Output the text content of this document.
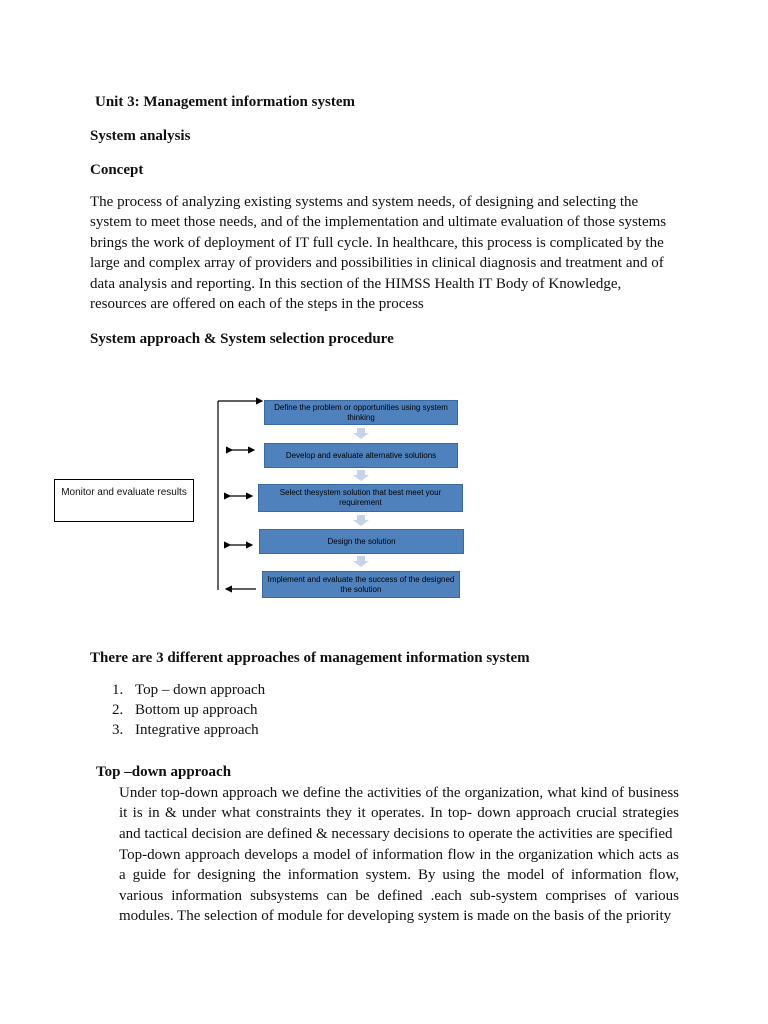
Unit 3: Management information system
System analysis
Concept
The process of analyzing existing systems and system needs, of designing and selecting the system to meet those needs, and of the implementation and ultimate evaluation of those systems brings the work of deployment of IT full cycle. In healthcare, this process is complicated by the large and complex array of providers and possibilities in clinical diagnosis and treatment and of data analysis and reporting. In this section of the HIMSS Health IT Body of Knowledge, resources are offered on each of the steps in the process
System approach & System selection procedure
Monitor and evaluate results
Define the problem or opportunities using system thinking
Develop and evaluate alternative solutions
Select thesystem solution that best meet your requirement
Design the solution
Implement and evaluate the success of the designed the solution
There are 3 different approaches of management information system
1. Top – down approach
2. Bottom up approach
3. Integrative approach
Top –down approach
Under top-down approach we define the activities of the organization, what kind of business it is in & under what constraints they it operates. In top- down approach crucial strategies and tactical decision are defined & necessary decisions to operate the activities are specified
Top-down approach develops a model of information flow in the organization which acts as a guide for designing the information system. By using the model of information flow, various information subsystems can be defined .each sub-system comprises of various modules. The selection of module for developing system is made on the basis of the priority
